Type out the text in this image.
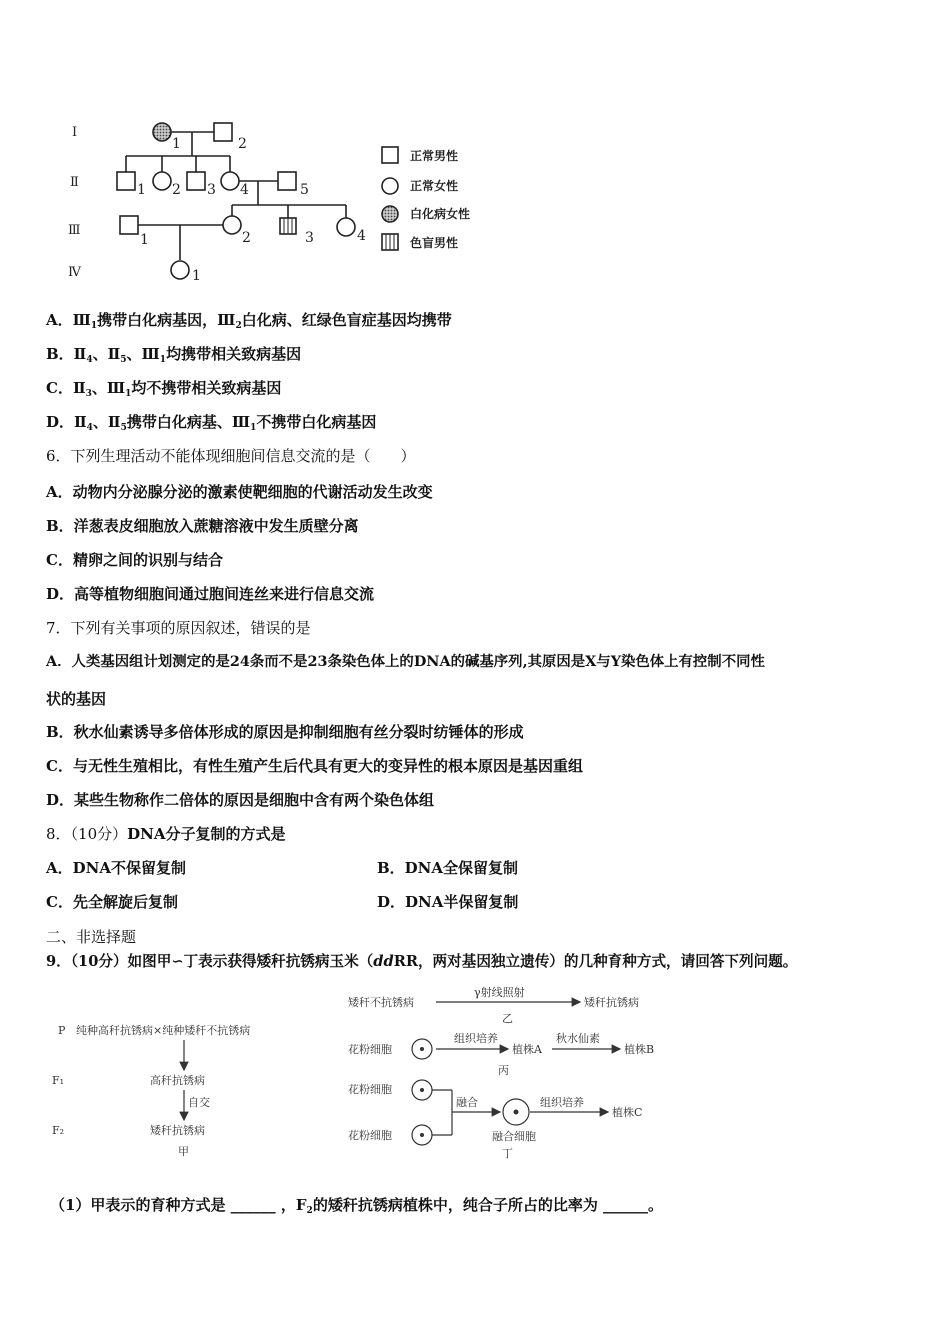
Ⅰ
Ⅱ
Ⅲ
Ⅳ
1	2
1 2 3 4	5
1	2	3	4
1
正常男性
正常女性
白化病女性
色盲男性
A．$Ⅲ_1$携带白化病基因，$Ⅲ_2$白化病、红绿色盲症基因均携带
B．$Ⅱ_4$、$Ⅱ_5$、$Ⅲ_1$均携带相关致病基因
C．$Ⅱ_3$、$Ⅲ_1$均不携带相关致病基因
D．$Ⅱ_4$、$Ⅱ_5$携带白化病基、$Ⅲ_1$不携带白化病基因
6．下列生理活动不能体现细胞间信息交流的是（　　）
A．动物内分泌腺分泌的激素使靶细胞的代谢活动发生改变
B．洋葱表皮细胞放入蔗糖溶液中发生质壁分离
C．精卵之间的识别与结合
D．高等植物细胞间通过胞间连丝来进行信息交流
7．下列有关事项的原因叙述，错误的是
A．人类基因组计划测定的是24条而不是23条染色体上的DNA的碱基序列,其原因是X与Y染色体上有控制不同性
状的基因
B．秋水仙素诱导多倍体形成的原因是抑制细胞有丝分裂时纺锤体的形成
C．与无性生殖相比，有性生殖产生后代具有更大的变异性的根本原因是基因重组
D．某些生物称作二倍体的原因是细胞中含有两个染色体组
8．（10分）DNA分子复制的方式是
A．DNA不保留复制	B．DNA全保留复制
C．先全解旋后复制	D．DNA半保留复制
二、非选择题
9．（10分）如图甲∽丁表示获得矮秆抗锈病玉米（ddRR，两对基因独立遗传）的几种育种方式，请回答下列问题。
P 纯种高秆抗锈病×纯种矮秆不抗锈病
F₁	高秆抗锈病
自交
F₂	矮秆抗锈病
甲
矮秆不抗锈病
γ射线照射
矮秆抗锈病
乙
花粉细胞
组织培养
植株A
秋水仙素
植株B
丙
花粉细胞
花粉细胞
融合
融合细胞
丁
组织培养
植株C
（1）甲表示的育种方式是 ______ ，$F_2$的矮秆抗锈病植株中，纯合子所占的比率为 ______。
